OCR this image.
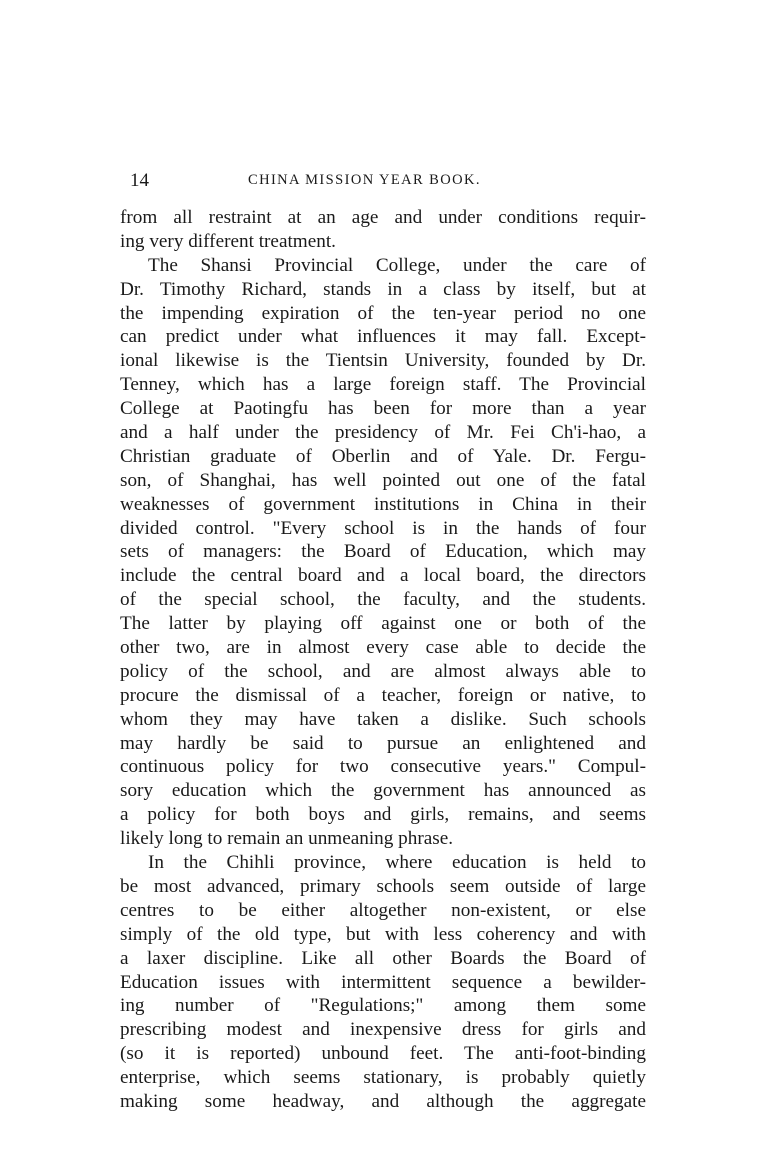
14	CHINA MISSION YEAR BOOK.
from all restraint at an age and under conditions requir-
ing very different treatment.
The Shansi Provincial College, under the care of
Dr. Timothy Richard, stands in a class by itself, but at
the impending expiration of the ten-year period no one
can predict under what influences it may fall. Except-
ional likewise is the Tientsin University, founded by Dr.
Tenney, which has a large foreign staff. The Provincial
College at Paotingfu has been for more than a year
and a half under the presidency of Mr. Fei Ch'i-hao, a
Christian graduate of Oberlin and of Yale. Dr. Fergu-
son, of Shanghai, has well pointed out one of the fatal
weaknesses of government institutions in China in their
divided control. "Every school is in the hands of four
sets of managers: the Board of Education, which may
include the central board and a local board, the directors
of the special school, the faculty, and the students.
The latter by playing off against one or both of the
other two, are in almost every case able to decide the
policy of the school, and are almost always able to
procure the dismissal of a teacher, foreign or native, to
whom they may have taken a dislike. Such schools
may hardly be said to pursue an enlightened and
continuous policy for two consecutive years." Compul-
sory education which the government has announced as
a policy for both boys and girls, remains, and seems
likely long to remain an unmeaning phrase.
In the Chihli province, where education is held to
be most advanced, primary schools seem outside of large
centres to be either altogether non-existent, or else
simply of the old type, but with less coherency and with
a laxer discipline. Like all other Boards the Board of
Education issues with intermittent sequence a bewilder-
ing number of "Regulations;" among them some
prescribing modest and inexpensive dress for girls and
(so it is reported) unbound feet. The anti-foot-binding
enterprise, which seems stationary, is probably quietly
making some headway, and although the aggregate
